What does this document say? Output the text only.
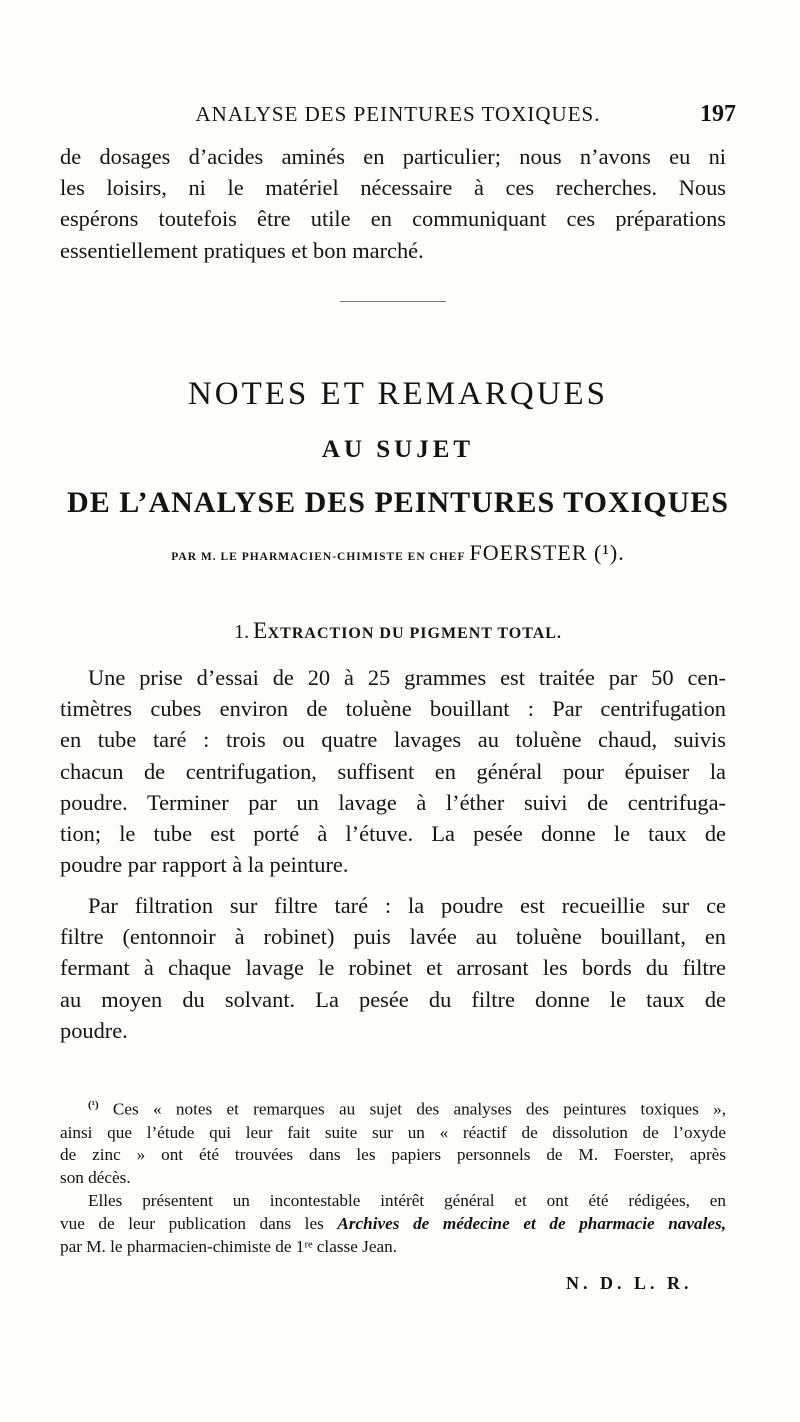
ANALYSE DES PEINTURES TOXIQUES.	197

de dosages d’acides aminés en particulier; nous n’avons eu ni
les loisirs, ni le matériel nécessaire à ces recherches. Nous
espérons toutefois être utile en communiquant ces préparations
essentiellement pratiques et bon marché.

NOTES ET REMARQUES
AU SUJET
DE L’ANALYSE DES PEINTURES TOXIQUES
PAR M. LE PHARMACIEN-CHIMISTE EN CHEF FOERSTER (¹).
1. EXTRACTION DU PIGMENT TOTAL.

Une prise d’essai de 20 à 25 grammes est traitée par 50 cen-
timètres cubes environ de toluène bouillant : Par centrifugation
en tube taré : trois ou quatre lavages au toluène chaud, suivis
chacun de centrifugation, suffisent en général pour épuiser la
poudre. Terminer par un lavage à l’éther suivi de centrifuga-
tion; le tube est porté à l’étuve. La pesée donne le taux de
poudre par rapport à la peinture.

Par filtration sur filtre taré : la poudre est recueillie sur ce
filtre (entonnoir à robinet) puis lavée au toluène bouillant, en
fermant à chaque lavage le robinet et arrosant les bords du filtre
au moyen du solvant. La pesée du filtre donne le taux de
poudre.

$^{(^1)}$ Ces « notes et remarques au sujet des analyses des peintures toxiques »,
ainsi que l’étude qui leur fait suite sur un « réactif de dissolution de l’oxyde
de zinc » ont été trouvées dans les papiers personnels de M. Foerster, après
son décès.
Elles présentent un incontestable intérêt général et ont été rédigées, en
vue de leur publication dans les Archives de médecine et de pharmacie navales,
par M. le pharmacien-chimiste de 1ʳᵉ classe Jean.

N. D. L. R.
